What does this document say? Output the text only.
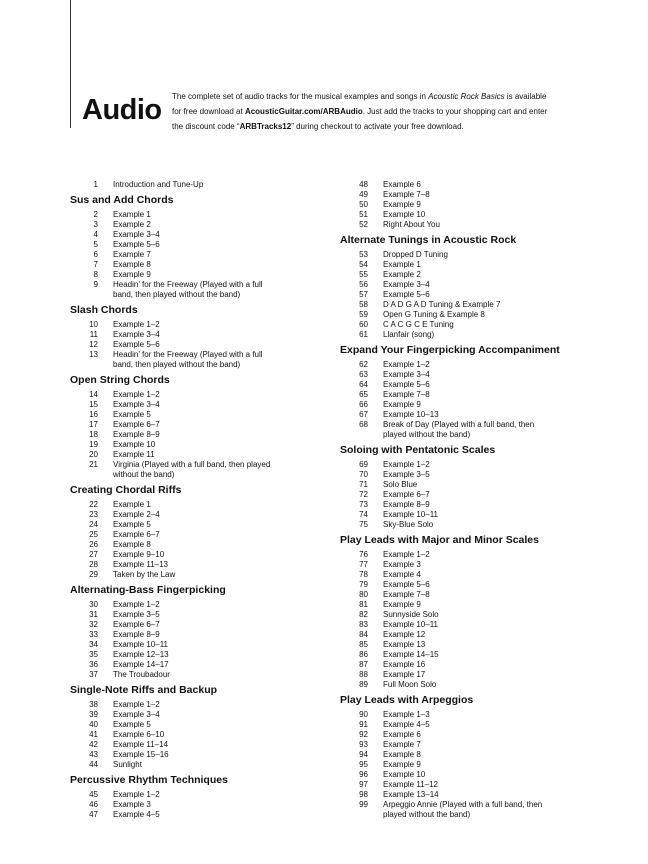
Audio The complete set of audio tracks for the musical examples and songs in Acoustic Rock Basics is available for free download at AcousticGuitar.com/ARBAudio. Just add the tracks to your shopping cart and enter the discount code “ARBTracks12” during checkout to activate your free download.

1 Introduction and Tune-Up
Sus and Add Chords
2 Example 1
3 Example 2
4 Example 3–4
5 Example 5–6
6 Example 7
7 Example 8
8 Example 9
9 Headin’ for the Freeway (Played with a full band, then played without the band)
Slash Chords
10 Example 1–2
11 Example 3–4
12 Example 5–6
13 Headin’ for the Freeway (Played with a full band, then played without the band)
Open String Chords
14 Example 1–2
15 Example 3–4
16 Example 5
17 Example 6–7
18 Example 8–9
19 Example 10
20 Example 11
21 Virginia (Played with a full band, then played without the band)
Creating Chordal Riffs
22 Example 1
23 Example 2–4
24 Example 5
25 Example 6–7
26 Example 8
27 Example 9–10
28 Example 11–13
29 Taken by the Law
Alternating-Bass Fingerpicking
30 Example 1–2
31 Example 3–5
32 Example 6–7
33 Example 8–9
34 Example 10–11
35 Example 12–13
36 Example 14–17
37 The Troubadour
Single-Note Riffs and Backup
38 Example 1–2
39 Example 3–4
40 Example 5
41 Example 6–10
42 Example 11–14
43 Example 15–16
44 Sunlight
Percussive Rhythm Techniques
45 Example 1–2
46 Example 3
47 Example 4–5
48 Example 6
49 Example 7–8
50 Example 9
51 Example 10
52 Right About You
Alternate Tunings in Acoustic Rock
53 Dropped D Tuning
54 Example 1
55 Example 2
56 Example 3–4
57 Example 5–6
58 D A D G A D Tuning & Example 7
59 Open G Tuning & Example 8
60 C A C G C E Tuning
61 Llanfair (song)
Expand Your Fingerpicking Accompaniment
62 Example 1–2
63 Example 3–4
64 Example 5–6
65 Example 7–8
66 Example 9
67 Example 10–13
68 Break of Day (Played with a full band, then played without the band)
Soloing with Pentatonic Scales
69 Example 1–2
70 Example 3–5
71 Solo Blue
72 Example 6–7
73 Example 8–9
74 Example 10–11
75 Sky-Blue Solo
Play Leads with Major and Minor Scales
76 Example 1–2
77 Example 3
78 Example 4
79 Example 5–6
80 Example 7–8
81 Example 9
82 Sunnyside Solo
83 Example 10–11
84 Example 12
85 Example 13
86 Example 14–15
87 Example 16
88 Example 17
89 Full Moon Solo
Play Leads with Arpeggios
90 Example 1–3
91 Example 4–5
92 Example 6
93 Example 7
94 Example 8
95 Example 9
96 Example 10
97 Example 11–12
98 Example 13–14
99 Arpeggio Annie (Played with a full band, then played without the band)
